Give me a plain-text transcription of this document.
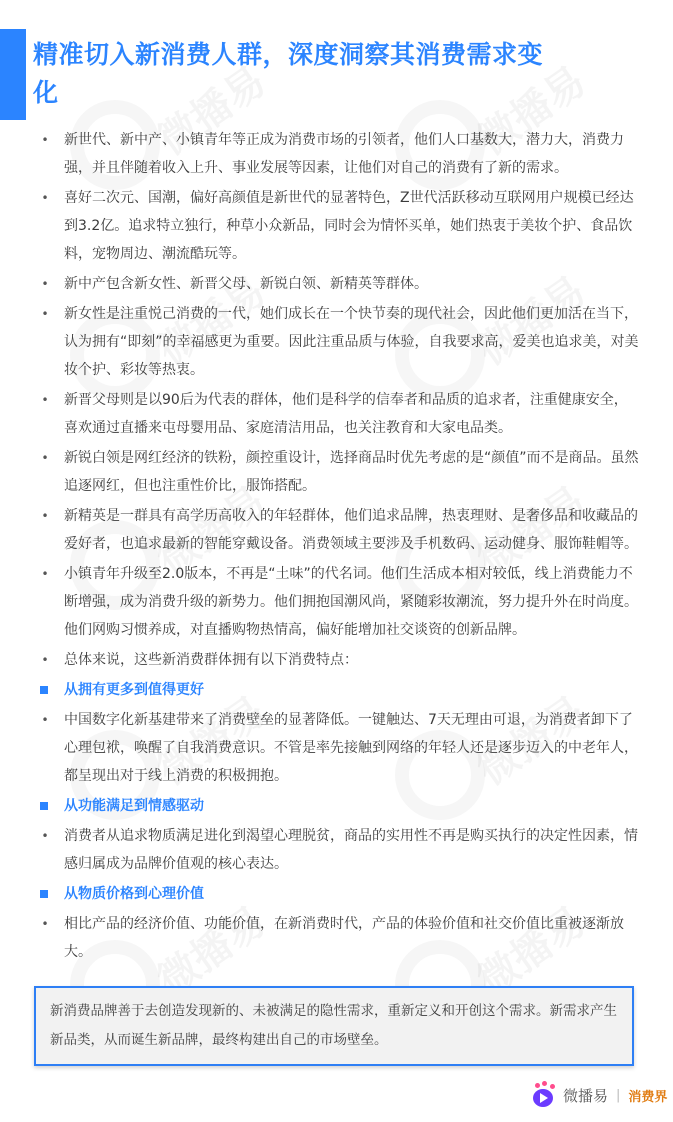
精准切入新消费人群，深度洞察其消费需求变化
• 新世代、新中产、小镇青年等正成为消费市场的引领者，他们人口基数大，潜力大，消费力强，并且伴随着收入上升、事业发展等因素，让他们对自己的消费有了新的需求。
• 喜好二次元、国潮，偏好高颜值是新世代的显著特色，Z世代活跃移动互联网用户规模已经达到3.2亿。追求特立独行，种草小众新品，同时会为情怀买单，她们热衷于美妆个护、食品饮料，宠物周边、潮流酷玩等。
• 新中产包含新女性、新晋父母、新锐白领、新精英等群体。
• 新女性是注重悦己消费的一代，她们成长在一个快节奏的现代社会，因此他们更加活在当下，认为拥有“即刻”的幸福感更为重要。因此注重品质与体验，自我要求高，爱美也追求美，对美妆个护、彩妆等热衷。
• 新晋父母则是以90后为代表的群体，他们是科学的信奉者和品质的追求者，注重健康安全，喜欢通过直播来屯母婴用品、家庭清洁用品，也关注教育和大家电品类。
• 新锐白领是网红经济的铁粉，颜控重设计，选择商品时优先考虑的是“颜值”而不是商品。虽然追逐网红，但也注重性价比，服饰搭配。
• 新精英是一群具有高学历高收入的年轻群体，他们追求品牌，热衷理财、是奢侈品和收藏品的爱好者，也追求最新的智能穿戴设备。消费领域主要涉及手机数码、运动健身、服饰鞋帽等。
• 小镇青年升级至2.0版本，不再是“土味”的代名词。他们生活成本相对较低，线上消费能力不断增强，成为消费升级的新势力。他们拥抱国潮风尚，紧随彩妆潮流，努力提升外在时尚度。他们网购习惯养成，对直播购物热情高，偏好能增加社交谈资的创新品牌。
• 总体来说，这些新消费群体拥有以下消费特点：
从拥有更多到值得更好
• 中国数字化新基建带来了消费壁垒的显著降低。一键触达、7天无理由可退，为消费者卸下了心理包袱，唤醒了自我消费意识。不管是率先接触到网络的年轻人还是逐步迈入的中老年人，都呈现出对于线上消费的积极拥抱。
从功能满足到情感驱动
• 消费者从追求物质满足进化到渴望心理脱贫，商品的实用性不再是购买执行的决定性因素，情感归属成为品牌价值观的核心表达。
从物质价格到心理价值
• 相比产品的经济价值、功能价值，在新消费时代，产品的体验价值和社交价值比重被逐渐放大。
新消费品牌善于去创造发现新的、未被满足的隐性需求，重新定义和开创这个需求。新需求产生新品类，从而诞生新品牌，最终构建出自己的市场壁垒。
微播易 | 消费界
